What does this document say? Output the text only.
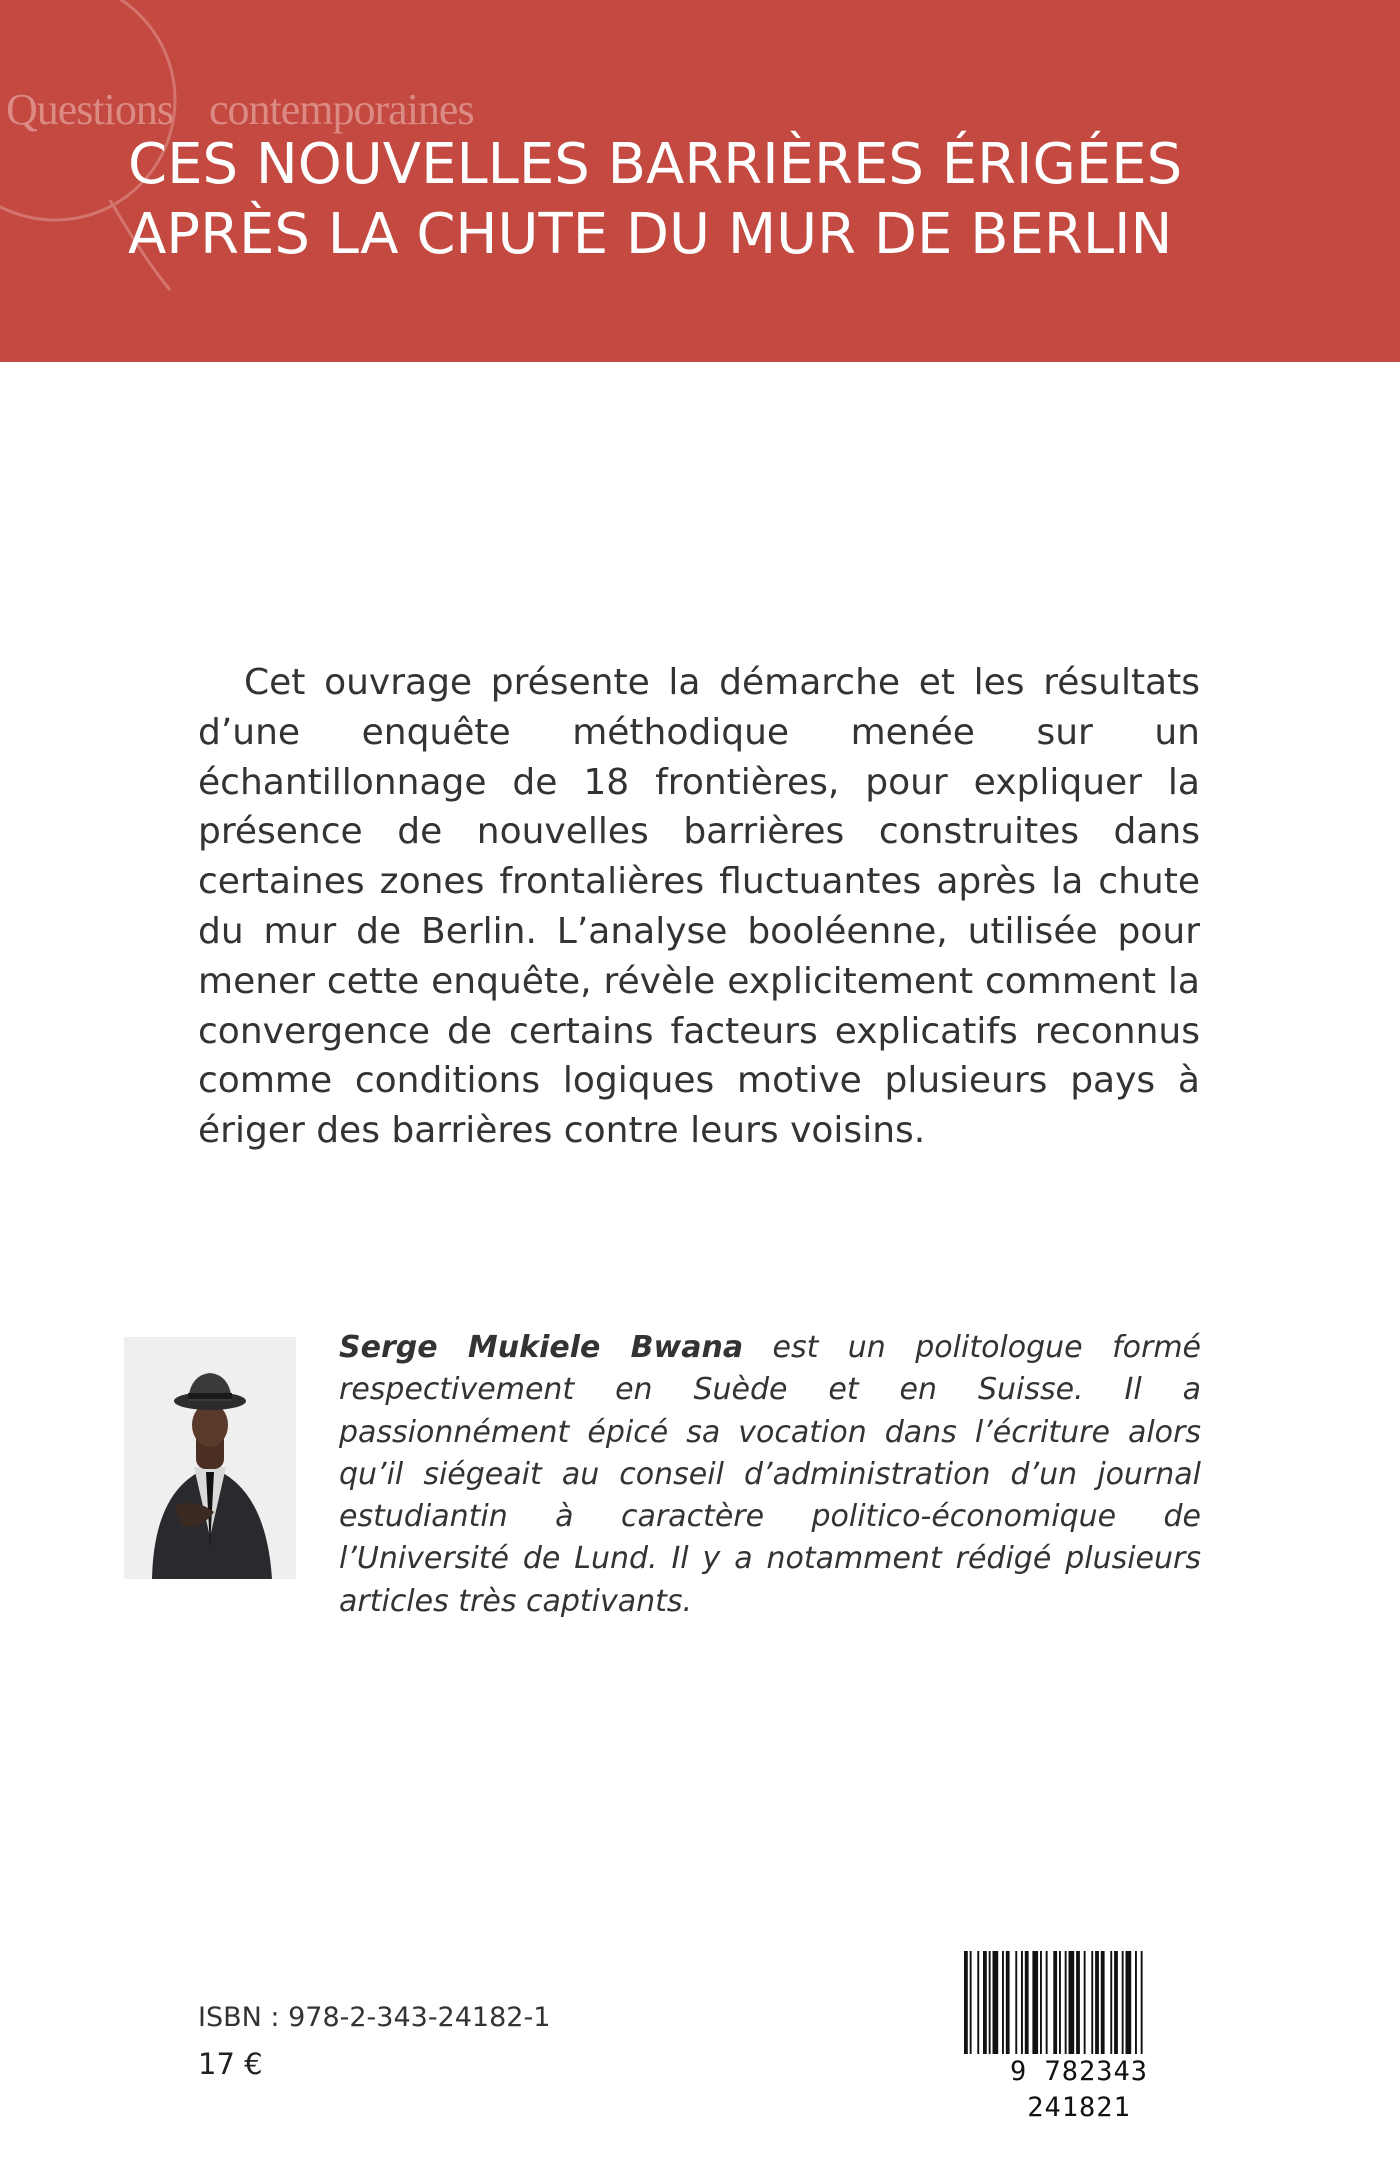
Questions contemporaines
CES NOUVELLES BARRIÈRES ÉRIGÉES
APRÈS LA CHUTE DU MUR DE BERLIN

Cet ouvrage présente la démarche et les résultats d’une enquête méthodique menée sur un échantillonnage de 18 frontières, pour expliquer la présence de nouvelles barrières construites dans certaines zones frontalières fluctuantes après la chute du mur de Berlin. L’analyse booléenne, utilisée pour mener cette enquête, révèle explicitement comment la convergence de certains facteurs explicatifs reconnus comme conditions logiques motive plusieurs pays à ériger des barrières contre leurs voisins.

Serge Mukiele Bwana est un politologue formé respectivement en Suède et en Suisse. Il a passionnément épicé sa vocation dans l’écriture alors qu’il siégeait au conseil d’administration d’un journal estudiantin à caractère politico-économique de l’Université de Lund. Il y a notamment rédigé plusieurs articles très captivants.

ISBN : 978-2-343-24182-1
17 €	9 782343 241821
